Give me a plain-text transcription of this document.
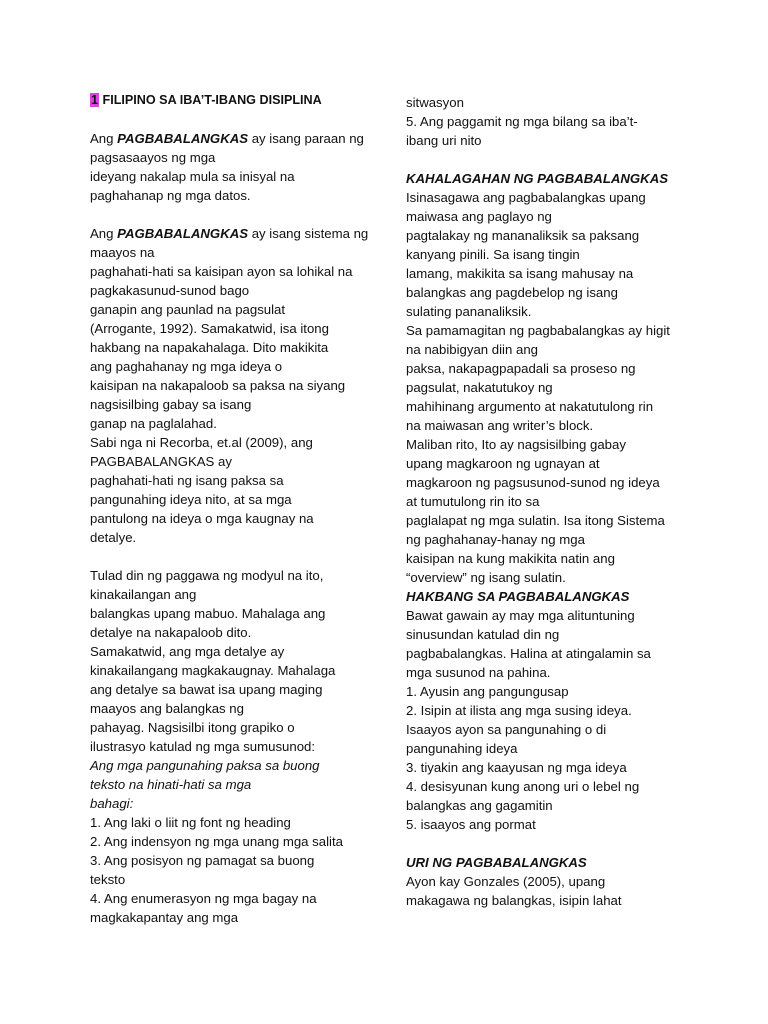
1 FILIPINO SA IBA’T-IBANG DISIPLINA
Ang PAGBABALANGKAS ay isang paraan ng
pagsasaayos ng mga
ideyang nakalap mula sa inisyal na
paghahanap ng mga datos.
Ang PAGBABALANGKAS ay isang sistema ng
maayos na
paghahati-hati sa kaisipan ayon sa lohikal na
pagkakasunud-sunod bago
ganapin ang paunlad na pagsulat
(Arrogante, 1992). Samakatwid, isa itong
hakbang na napakahalaga. Dito makikita
ang paghahanay ng mga ideya o
kaisipan na nakapaloob sa paksa na siyang
nagsisilbing gabay sa isang
ganap na paglalahad.
Sabi nga ni Recorba, et.al (2009), ang
PAGBABALANGKAS ay
paghahati-hati ng isang paksa sa
pangunahing ideya nito, at sa mga
pantulong na ideya o mga kaugnay na
detalye.
Tulad din ng paggawa ng modyul na ito,
kinakailangan ang
balangkas upang mabuo. Mahalaga ang
detalye na nakapaloob dito.
Samakatwid, ang mga detalye ay
kinakailangang magkakaugnay. Mahalaga
ang detalye sa bawat isa upang maging
maayos ang balangkas ng
pahayag. Nagsisilbi itong grapiko o
ilustrasyo katulad ng mga sumusunod:
Ang mga pangunahing paksa sa buong
teksto na hinati-hati sa mga
bahagi:
1. Ang laki o liit ng font ng heading
2. Ang indensyon ng mga unang mga salita
3. Ang posisyon ng pamagat sa buong
teksto
4. Ang enumerasyon ng mga bagay na
magkakapantay ang mga
sitwasyon
5. Ang paggamit ng mga bilang sa iba’t-
ibang uri nito
KAHALAGAHAN NG PAGBABALANGKAS
Isinasagawa ang pagbabalangkas upang
maiwasa ang paglayo ng
pagtalakay ng mananaliksik sa paksang
kanyang pinili. Sa isang tingin
lamang, makikita sa isang mahusay na
balangkas ang pagdebelop ng isang
sulating pananaliksik.
Sa pamamagitan ng pagbabalangkas ay higit
na nabibigyan diin ang
paksa, nakapagpapadali sa proseso ng
pagsulat, nakatutukoy ng
mahihinang argumento at nakatutulong rin
na maiwasan ang writer’s block.
Maliban rito, Ito ay nagsisilbing gabay
upang magkaroon ng ugnayan at
magkaroon ng pagsusunod-sunod ng ideya
at tumutulong rin ito sa
paglalapat ng mga sulatin. Isa itong Sistema
ng paghahanay-hanay ng mga
kaisipan na kung makikita natin ang
“overview” ng isang sulatin.
HAKBANG SA PAGBABALANGKAS
Bawat gawain ay may mga alituntuning
sinusundan katulad din ng
pagbabalangkas. Halina at atingalamin sa
mga susunod na pahina.
1. Ayusin ang pangungusap
2. Isipin at ilista ang mga susing ideya.
Isaayos ayon sa pangunahing o di
pangunahing ideya
3. tiyakin ang kaayusan ng mga ideya
4. desisyunan kung anong uri o lebel ng
balangkas ang gagamitin
5. isaayos ang pormat
URI NG PAGBABALANGKAS
Ayon kay Gonzales (2005), upang
makagawa ng balangkas, isipin lahat
